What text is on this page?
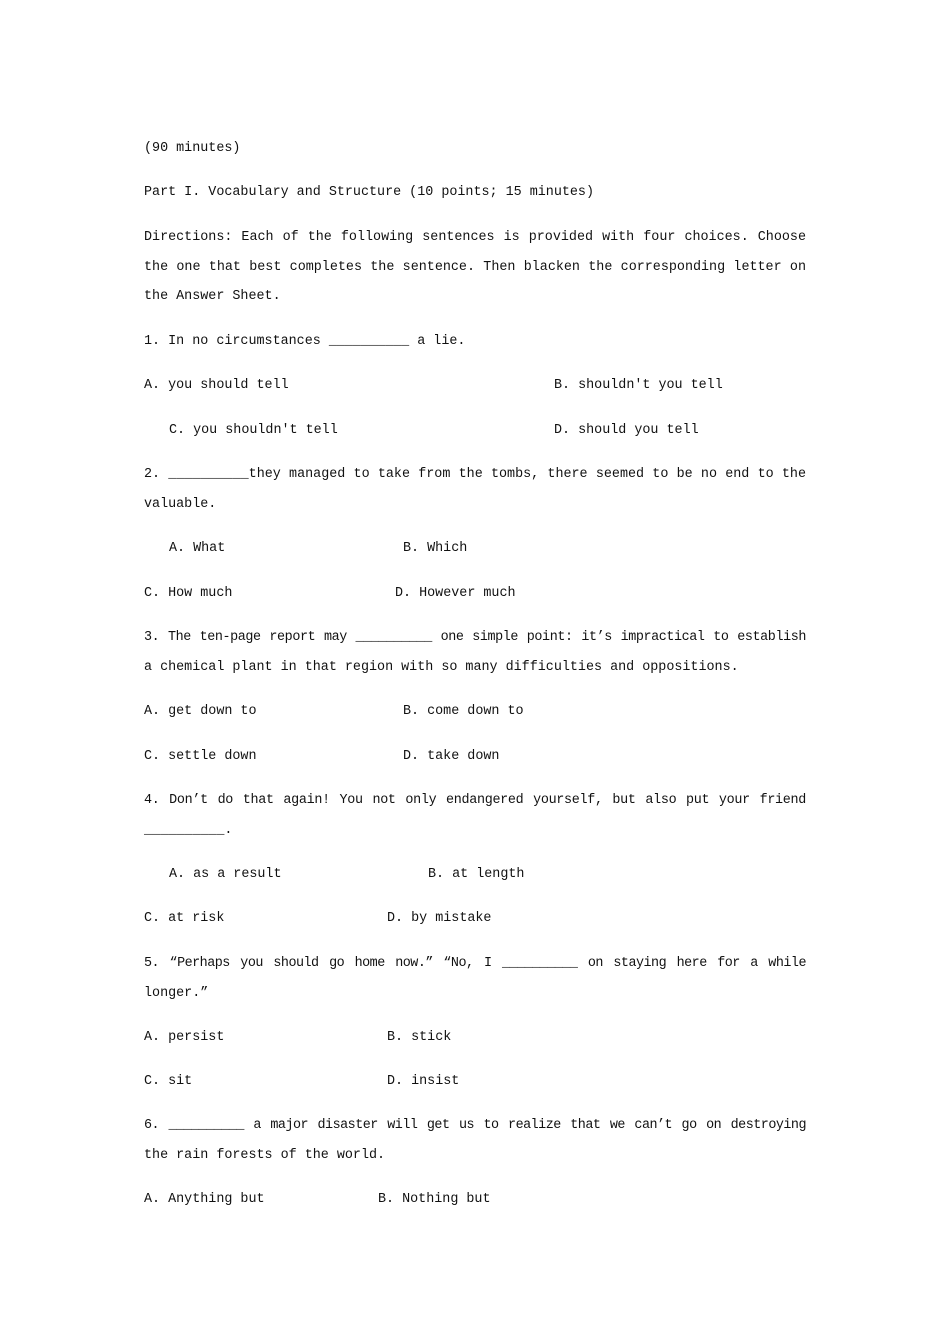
(90 minutes)
Part I. Vocabulary and Structure (10 points; 15 minutes)
Directions: Each of the following sentences is provided with four choices. Choose
the one that best completes the sentence. Then blacken the corresponding letter on
the Answer Sheet.
1. In no circumstances __________ a lie.
A. you should tell	B. shouldn't you tell
C. you shouldn't tell	D. should you tell
2. __________they managed to take from the tombs, there seemed to be no end to the
valuable.
A. What	B. Which
C. How much	D. However much
3. The ten-page report may __________ one simple point: it’s impractical to establish
a chemical plant in that region with so many difficulties and oppositions.
A. get down to	B. come down to
C. settle down	D. take down
4. Don’t do that again! You not only endangered yourself, but also put your friend
__________.
A. as a result	B. at length
C. at risk	D. by mistake
5. “Perhaps you should go home now.” “No, I __________ on staying here for a while
longer.”
A. persist	B. stick
C. sit	D. insist
6. __________ a major disaster will get us to realize that we can’t go on destroying
the rain forests of the world.
A. Anything but	B. Nothing but
